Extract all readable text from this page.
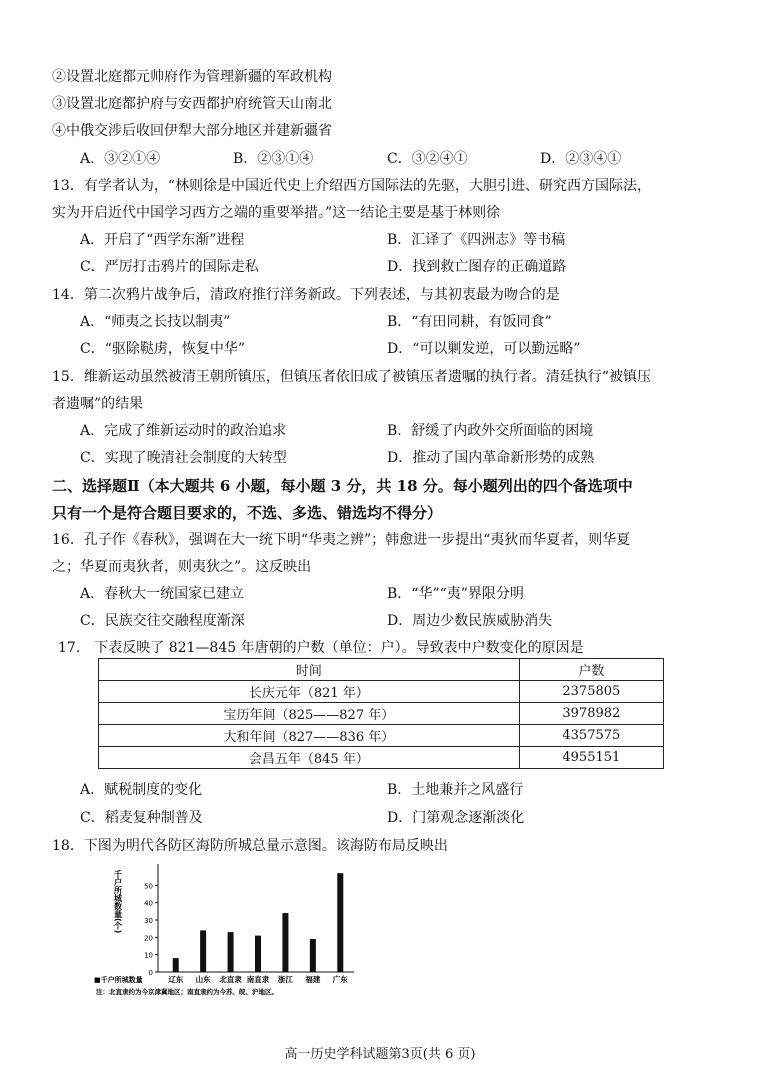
②设置北庭都元帅府作为管理新疆的军政机构
③设置北庭都护府与安西都护府统管天山南北
④中俄交涉后收回伊犁大部分地区并建新疆省
A．③②①④	B．②③①④	C．③②④①	D．②③④①
13．有学者认为，“林则徐是中国近代史上介绍西方国际法的先驱，大胆引进、研究西方国际法，
实为开启近代中国学习西方之端的重要举措。”这一结论主要是基于林则徐
A．开启了“西学东渐”进程	B．汇译了《四洲志》等书稿
C．严厉打击鸦片的国际走私	D．找到救亡图存的正确道路
14．第二次鸦片战争后，清政府推行洋务新政。下列表述，与其初衷最为吻合的是
A．“师夷之长技以制夷”	B．“有田同耕，有饭同食”
C．“驱除鞑虏，恢复中华”	D．“可以剿发逆，可以勤远略”
15．维新运动虽然被清王朝所镇压，但镇压者依旧成了被镇压者遗嘱的执行者。清廷执行“被镇压
者遗嘱”的结果
A．完成了维新运动时的政治追求	B．舒缓了内政外交所面临的困境
C．实现了晚清社会制度的大转型	D．推动了国内革命新形势的成熟
二、选择题Ⅱ（本大题共 6 小题，每小题 3 分，共 18 分。每小题列出的四个备选项中
只有一个是符合题目要求的，不选、多选、错选均不得分）
16．孔子作《春秋》，强调在大一统下明“华夷之辨”；韩愈进一步提出“夷狄而华夏者，则华夏
之；华夏而夷狄者，则夷狄之”。这反映出
A．春秋大一统国家已建立	B．“华”“夷”界限分明
C．民族交往交融程度渐深	D．周边少数民族威胁消失
17.　下表反映了 821—845 年唐朝的户数（单位：户）。导致表中户数变化的原因是
时间	户数
长庆元年（821 年）	2375805
宝历年间（825——827 年）	3978982
大和年间（827——836 年）	4357575
会昌五年（845 年）	4955151
A．赋税制度的变化	B．土地兼并之风盛行
C．稻麦复种制普及	D．门第观念逐渐淡化
18．下图为明代各防区海防所城总量示意图。该海防布局反映出
0
10
20
30
40
50
千户所城数量(个)
辽东 山东 北直隶 南直隶 浙江 福建 广东
■千户所城数量
注：北直隶约为今京津冀地区；南直隶约为今苏、皖、沪地区。
高一历史学科试题第3页(共 6 页)
